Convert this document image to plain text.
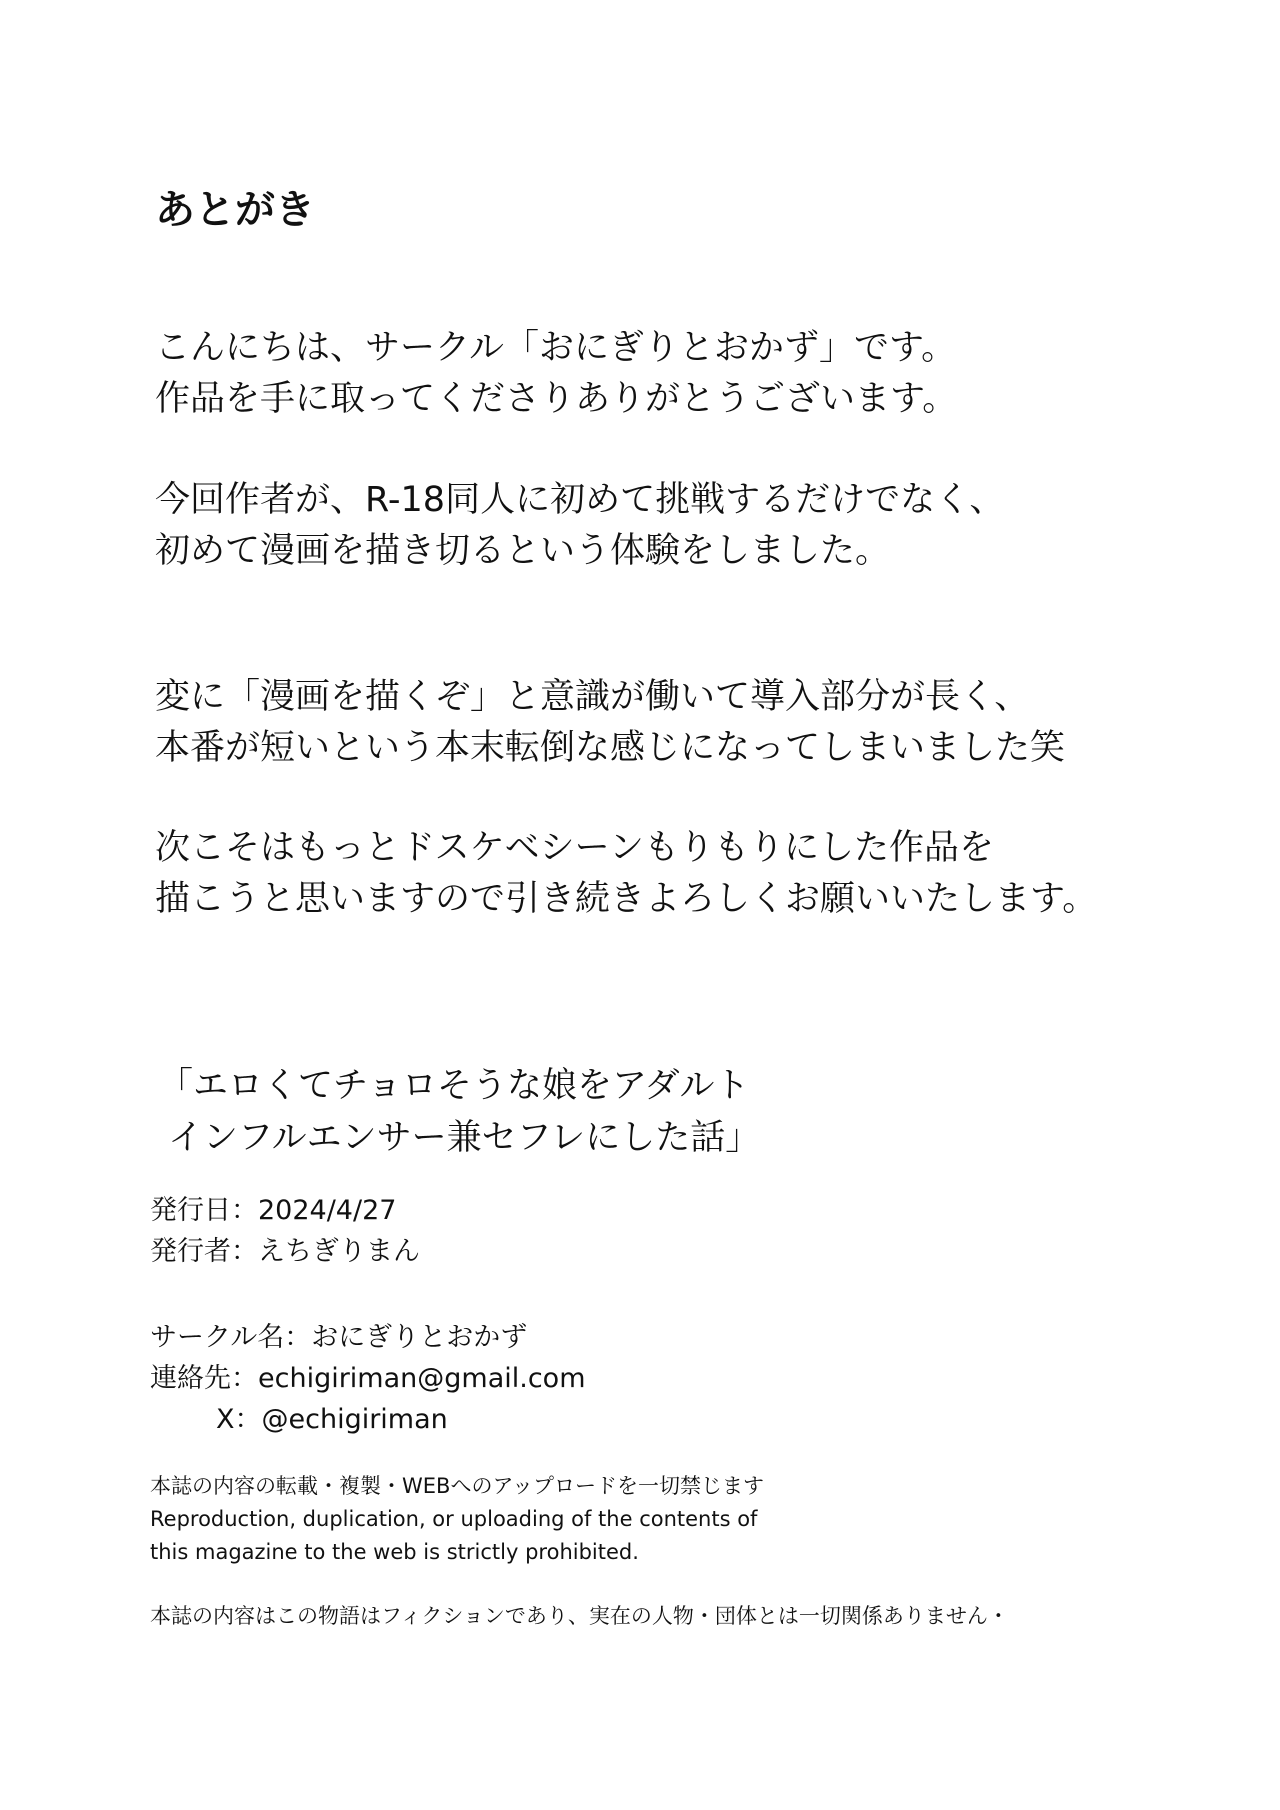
あとがき
こんにちは、サークル「おにぎりとおかず」です。
作品を手に取ってくださりありがとうございます。
今回作者が、R-18同人に初めて挑戦するだけでなく、
初めて漫画を描き切るという体験をしました。
変に「漫画を描くぞ」と意識が働いて導入部分が長く、
本番が短いという本末転倒な感じになってしまいました笑
次こそはもっとドスケベシーンもりもりにした作品を
描こうと思いますので引き続きよろしくお願いいたします。
「エロくてチョロそうな娘をアダルト
インフルエンサー兼セフレにした話」
発行日：2024/4/27
発行者：えちぎりまん
サークル名：おにぎりとおかず
連絡先：echigiriman@gmail.com
X：@echigiriman
本誌の内容の転載・複製・WEBへのアップロードを一切禁じます
Reproduction, duplication, or uploading of the contents of
this magazine to the web is strictly prohibited.
本誌の内容はこの物語はフィクションであり、実在の人物・団体とは一切関係ありません・
